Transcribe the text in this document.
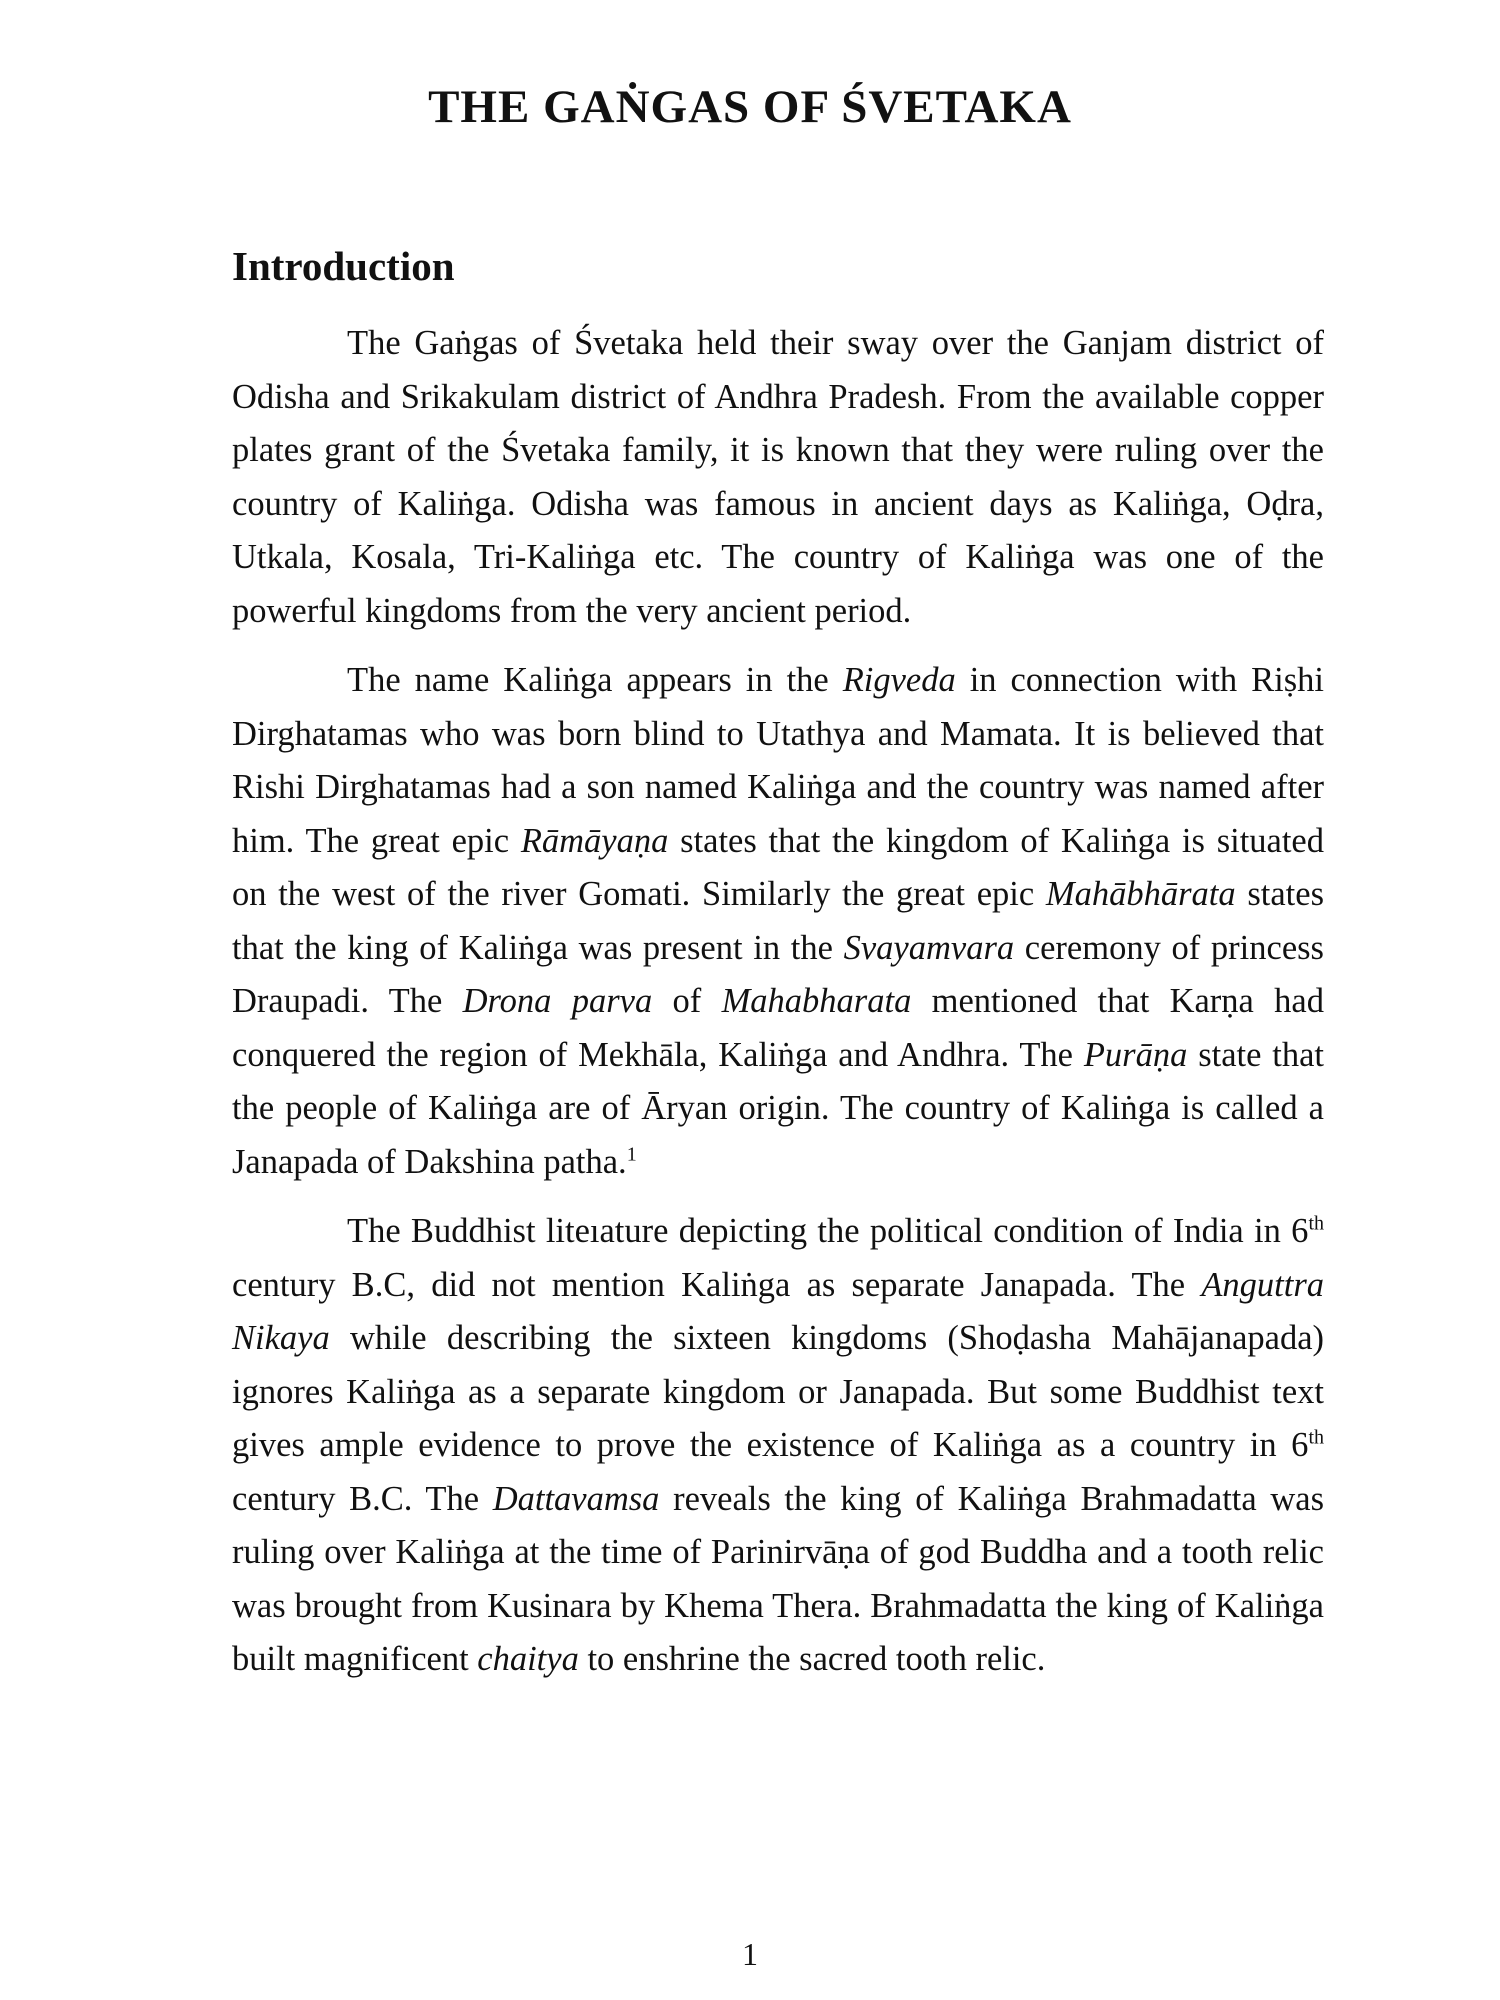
THE GAṄGAS OF ŚVETAKA
Introduction

The Gaṅgas of Śvetaka held their sway over the Ganjam district of Odisha and Srikakulam district of Andhra Pradesh. From the available copper plates grant of the Śvetaka family, it is known that they were ruling over the country of Kaliṅga. Odisha was famous in ancient days as Kaliṅga, Oḍra, Utkala, Kosala, Tri-Kaliṅga etc. The country of Kaliṅga was one of the powerful kingdoms from the very ancient period.

The name Kaliṅga appears in the Rigveda in connection with Riṣhi Dirghatamas who was born blind to Utathya and Mamata. It is believed that Rishi Dirghatamas had a son named Kaliṅga and the country was named after him. The great epic Rāmāyaṇa states that the kingdom of Kaliṅga is situated on the west of the river Gomati. Similarly the great epic Mahābhārata states that the king of Kaliṅga was present in the Svayamvara ceremony of princess Draupadi. The Drona parva of Mahabharata mentioned that Karṇa had conquered the region of Mekhāla, Kaliṅga and Andhra. The Purāṇa state that the people of Kaliṅga are of Āryan origin. The country of Kaliṅga is called a Janapada of Dakshina patha.$^1$

The Buddhist liteıature depicting the political condition of India in 6th century B.C, did not mention Kaliṅga as separate Janapada. The Anguttra Nikaya while describing the sixteen kingdoms (Shoḍasha Mahājanapada) ignores Kaliṅga as a separate kingdom or Janapada. But some Buddhist text gives ample evidence to prove the existence of Kaliṅga as a country in 6th century B.C. The Dattavamsa reveals the king of Kaliṅga Brahmadatta was ruling over Kaliṅga at the time of Parinirvāṇa of god Buddha and a tooth relic was brought from Kusinara by Khema Thera. Brahmadatta the king of Kaliṅga built magnificent chaitya to enshrine the sacred tooth relic.

1
